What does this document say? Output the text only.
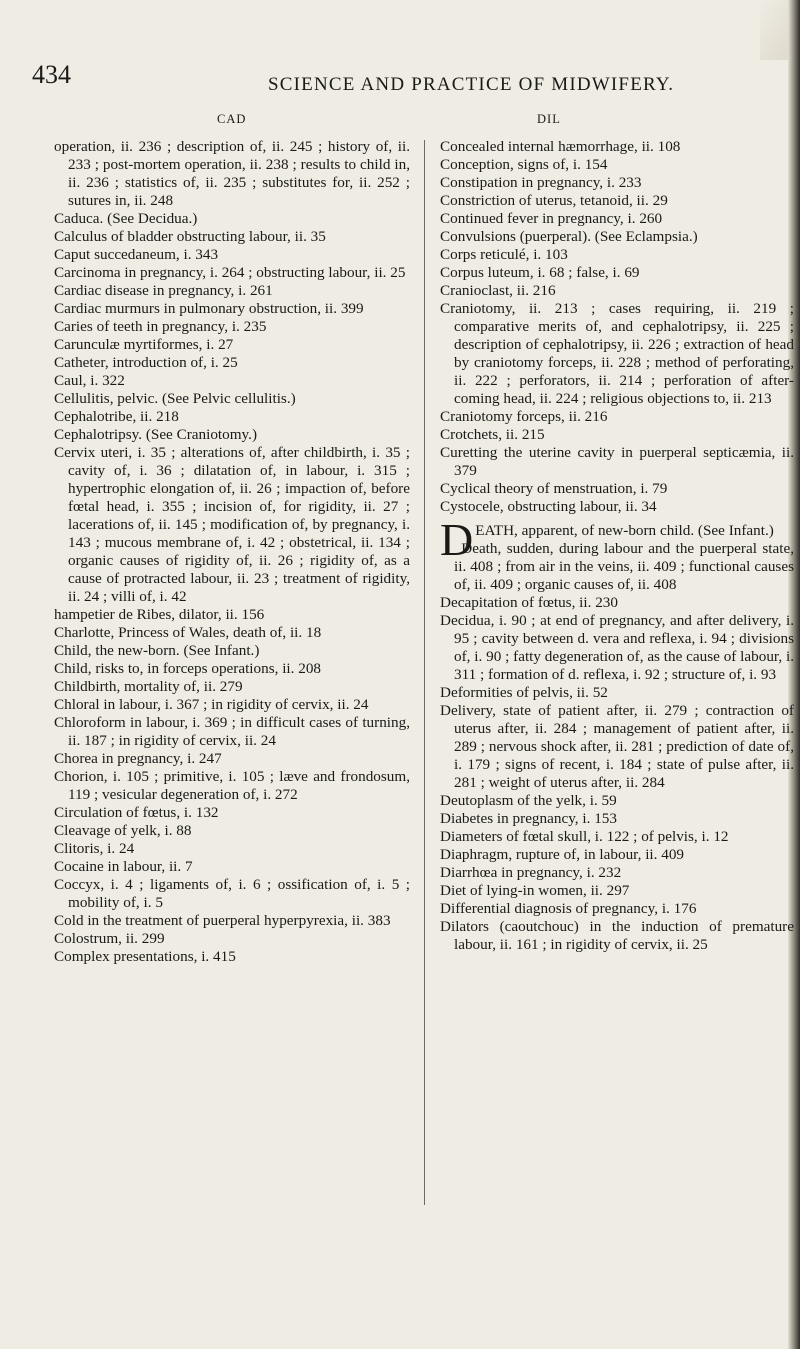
434	SCIENCE AND PRACTICE OF MIDWIFERY.
CAD	DIL
operation, ii. 236 ; description of, ii. 245 ; history of, ii. 233 ; post-mortem operation, ii. 238 ; results to child in, ii. 236 ; statistics of, ii. 235 ; substitutes for, ii. 252 ; sutures in, ii. 248
Caduca. (See Decidua.)
Calculus of bladder obstructing labour, ii. 35
Caput succedaneum, i. 343
Carcinoma in pregnancy, i. 264 ; obstructing labour, ii. 25
Cardiac disease in pregnancy, i. 261
Cardiac murmurs in pulmonary obstruction, ii. 399
Caries of teeth in pregnancy, i. 235
Carunculæ myrtiformes, i. 27
Catheter, introduction of, i. 25
Caul, i. 322
Cellulitis, pelvic. (See Pelvic cellulitis.)
Cephalotribe, ii. 218
Cephalotripsy. (See Craniotomy.)
Cervix uteri, i. 35 ; alterations of, after childbirth, i. 35 ; cavity of, i. 36 ; dilatation of, in labour, i. 315 ; hypertrophic elongation of, ii. 26 ; impaction of, before fœtal head, i. 355 ; incision of, for rigidity, ii. 27 ; lacerations of, ii. 145 ; modification of, by pregnancy, i. 143 ; mucous membrane of, i. 42 ; obstetrical, ii. 134 ; organic causes of rigidity of, ii. 26 ; rigidity of, as a cause of protracted labour, ii. 23 ; treatment of rigidity, ii. 24 ; villi of, i. 42
hampetier de Ribes, dilator, ii. 156
Charlotte, Princess of Wales, death of, ii. 18
Child, the new-born. (See Infant.)
Child, risks to, in forceps operations, ii. 208
Childbirth, mortality of, ii. 279
Chloral in labour, i. 367 ; in rigidity of cervix, ii. 24
Chloroform in labour, i. 369 ; in difficult cases of turning, ii. 187 ; in rigidity of cervix, ii. 24
Chorea in pregnancy, i. 247
Chorion, i. 105 ; primitive, i. 105 ; læve and frondosum, 119 ; vesicular degeneration of, i. 272
Circulation of fœtus, i. 132
Cleavage of yelk, i. 88
Clitoris, i. 24
Cocaine in labour, ii. 7
Coccyx, i. 4 ; ligaments of, i. 6 ; ossification of, i. 5 ; mobility of, i. 5
Cold in the treatment of puerperal hyperpyrexia, ii. 383
Colostrum, ii. 299
Complex presentations, i. 415
Concealed internal hæmorrhage, ii. 108
Conception, signs of, i. 154
Constipation in pregnancy, i. 233
Constriction of uterus, tetanoid, ii. 29
Continued fever in pregnancy, i. 260
Convulsions (puerperal). (See Eclampsia.)
Corps reticulé, i. 103
Corpus luteum, i. 68 ; false, i. 69
Cranioclast, ii. 216
Craniotomy, ii. 213 ; cases requiring, ii. 219 ; comparative merits of, and cephalotripsy, ii. 225 ; description of cephalotripsy, ii. 226 ; extraction of head by craniotomy forceps, ii. 228 ; method of perforating, ii. 222 ; perforators, ii. 214 ; perforation of after-coming head, ii. 224 ; religious objections to, ii. 213
Craniotomy forceps, ii. 216
Crotchets, ii. 215
Curetting the uterine cavity in puerperal septicæmia, ii. 379
Cyclical theory of menstruation, i. 79
Cystocele, obstructing labour, ii. 34
DEATH, apparent, of new-born child. (See Infant.)
Death, sudden, during labour and the puerperal state, ii. 408 ; from air in the veins, ii. 409 ; functional causes of, ii. 409 ; organic causes of, ii. 408
Decapitation of fœtus, ii. 230
Decidua, i. 90 ; at end of pregnancy, and after delivery, i. 95 ; cavity between d. vera and reflexa, i. 94 ; divisions of, i. 90 ; fatty degeneration of, as the cause of labour, i. 311 ; formation of d. reflexa, i. 92 ; structure of, i. 93
Deformities of pelvis, ii. 52
Delivery, state of patient after, ii. 279 ; contraction of uterus after, ii. 284 ; management of patient after, ii. 289 ; nervous shock after, ii. 281 ; prediction of date of, i. 179 ; signs of recent, i. 184 ; state of pulse after, ii. 281 ; weight of uterus after, ii. 284
Deutoplasm of the yelk, i. 59
Diabetes in pregnancy, i. 153
Diameters of fœtal skull, i. 122 ; of pelvis, i. 12
Diaphragm, rupture of, in labour, ii. 409
Diarrhœa in pregnancy, i. 232
Diet of lying-in women, ii. 297
Differential diagnosis of pregnancy, i. 176
Dilators (caoutchouc) in the induction of premature labour, ii. 161 ; in rigidity of cervix, ii. 25
